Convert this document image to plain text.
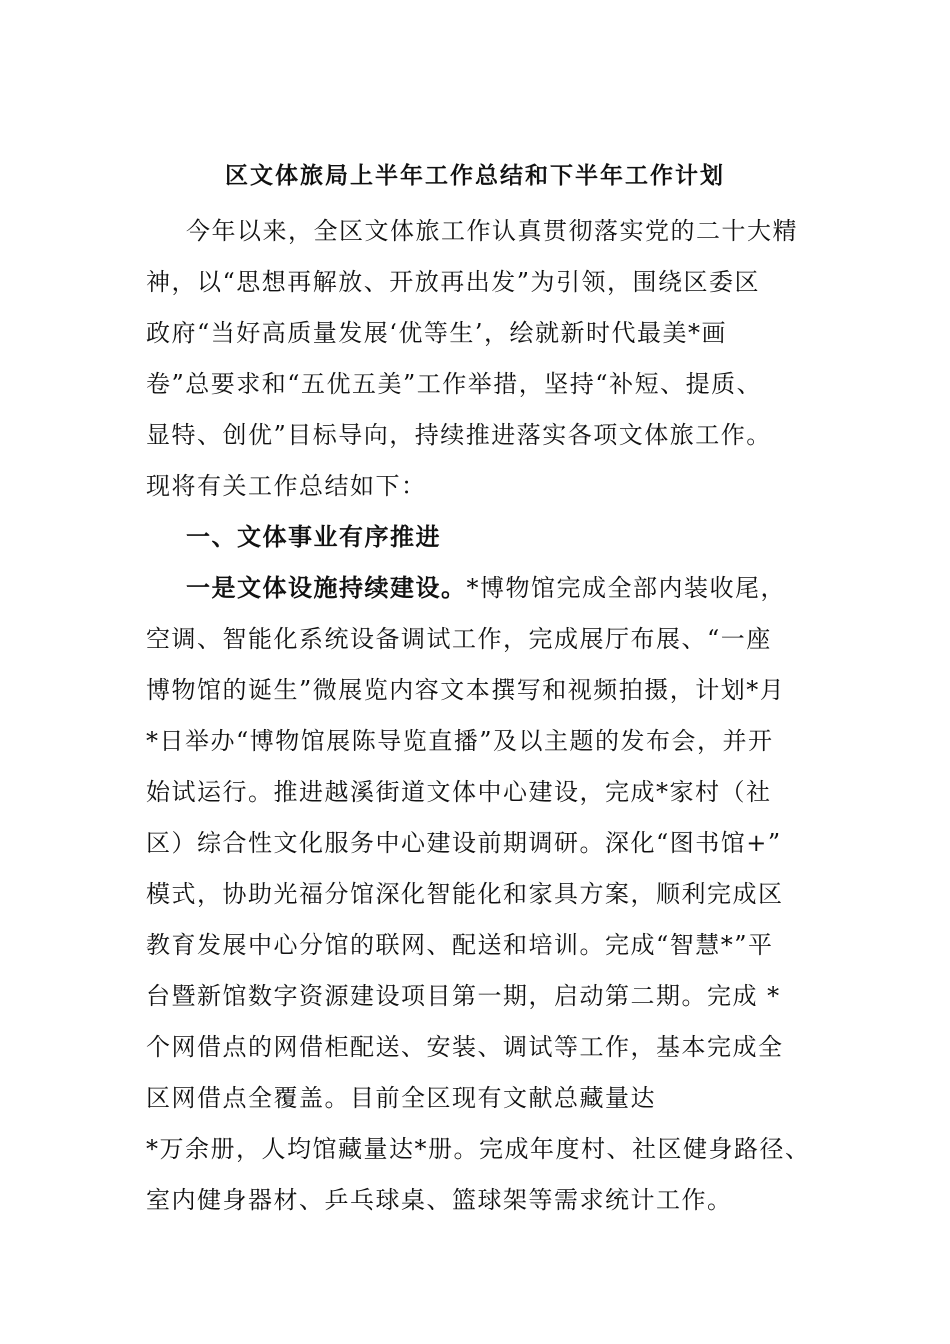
区文体旅局上半年工作总结和下半年工作计划
今年以来，全区文体旅工作认真贯彻落实党的二十大精
神，以“思想再解放、开放再出发”为引领，围绕区委区
政府“当好高质量发展‘优等生’，绘就新时代最美*画
卷”总要求和“五优五美”工作举措，坚持“补短、提质、
显特、创优”目标导向，持续推进落实各项文体旅工作。
现将有关工作总结如下：
一、文体事业有序推进
一是文体设施持续建设。*博物馆完成全部内装收尾，
空调、智能化系统设备调试工作，完成展厅布展、“一座
博物馆的诞生”微展览内容文本撰写和视频拍摄，计划*月
*日举办“博物馆展陈导览直播”及以主题的发布会，并开
始试运行。推进越溪街道文体中心建设，完成*家村（社
区）综合性文化服务中心建设前期调研。深化“图书馆+”
模式，协助光福分馆深化智能化和家具方案，顺利完成区
教育发展中心分馆的联网、配送和培训。完成“智慧*”平
台暨新馆数字资源建设项目第一期，启动第二期。完成 *
个网借点的网借柜配送、安装、调试等工作，基本完成全
区网借点全覆盖。目前全区现有文献总藏量达
*万余册，人均馆藏量达*册。完成年度村、社区健身路径、
室内健身器材、乒乓球桌、篮球架等需求统计工作。
